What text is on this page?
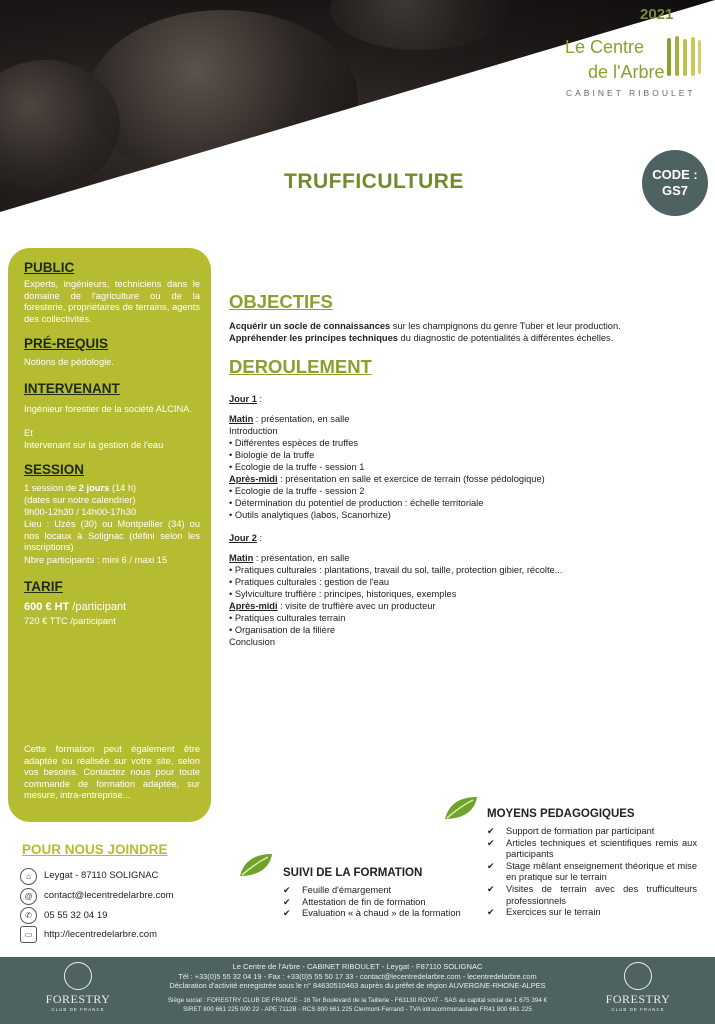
2021
Le Centre
de l'Arbre
CABINET RIBOULET
TRUFFICULTURE	CODE :
GS7
PUBLIC
Experts, ingénieurs, techniciens dans le domaine de l'agriculture ou de la foresterie, propriétaires de terrains, agents des collectivités.
PRÉ-REQUIS
Notions de pédologie.
INTERVENANT
Ingénieur forestier de la société ALCINA.
Et
Intervenant sur la gestion de l'eau
SESSION
1 session de 2 jours (14 h)
(dates sur notre calendrier)
9h00-12h30 / 14h00-17h30
Lieu : Uzès (30) ou Montpellier (34) ou nos locaux à Solignac (défini selon les inscriptions)
Nbre participants : mini 6 / maxi 15
TARIF
600 € HT /participant
720 € TTC /participant
Cette formation peut également être adaptée ou réalisée sur votre site, selon vos besoins. Contactez nous pour toute commande de formation adaptée, sur mesure, intra-entreprise...
OBJECTIFS
Acquérir un socle de connaissances sur les champignons du genre Tuber et leur production.
Appréhender les principes techniques du diagnostic de potentialités à différentes échelles.
DEROULEMENT
Jour 1 :
Matin : présentation, en salle
Introduction
• Différentes espèces de truffes
• Biologie de la truffe
• Ecologie de la truffe - session 1
Après-midi : présentation en salle et exercice de terrain (fosse pédologique)
• Ecologie de la truffe - session 2
• Détermination du potentiel de production : échelle territoriale
• Outils analytiques (labos, Scanorhize)
Jour 2 :
Matin : présentation, en salle
• Pratiques culturales : plantations, travail du sol, taille, protection gibier, récolte...
• Pratiques culturales : gestion de l'eau
• Sylviculture truffière : principes, historiques, exemples
Après-midi : visite de truffière avec un producteur
• Pratiques culturales terrain
• Organisation de la filière
Conclusion
MOYENS PEDAGOGIQUES
✔ Support de formation par participant
✔ Articles techniques et scientifiques remis aux participants
✔ Stage mêlant enseignement théorique et mise en pratique sur le terrain
✔ Visites de terrain avec des trufficulteurs professionnels
✔ Exercices sur le terrain
SUIVI DE LA FORMATION
✔ Feuille d'émargement
✔ Attestation de fin de formation
✔ Evaluation « à chaud » de la formation
POUR NOUS JOINDRE
⌂	Leygat - 87110 SOLIGNAC
@	contact@lecentredelarbre.com
✆	05 55 32 04 19
▭	http://lecentredelarbre.com
Le Centre de l'Arbre - CABINET RIBOULET - Leygat - F87110 SOLIGNAC
Tél : +33(0)5 55 32 04 19 - Fax : +33(0)5 55 50 17 33 - contact@lecentredelarbre.com - lecentredelarbre.com
Déclaration d'activité enregistrée sous le n° 84630510463 auprès du préfet de région AUVERGNE-RHONE-ALPES
Siège social : FORESTRY CLUB DE FRANCE - 16 Ter Boulevard de la Taillerie - F63130 ROYAT - SAS au capital social de 1 675 394 €
SIRET 800 661 225 000 22 - APE 7112B - RCS 800 661 225 Clermont-Ferrand - TVA intracommunautaire FR41 800 661 225
FORESTRY
CLUB DE FRANCE
FORESTRY
CLUB DE FRANCE
